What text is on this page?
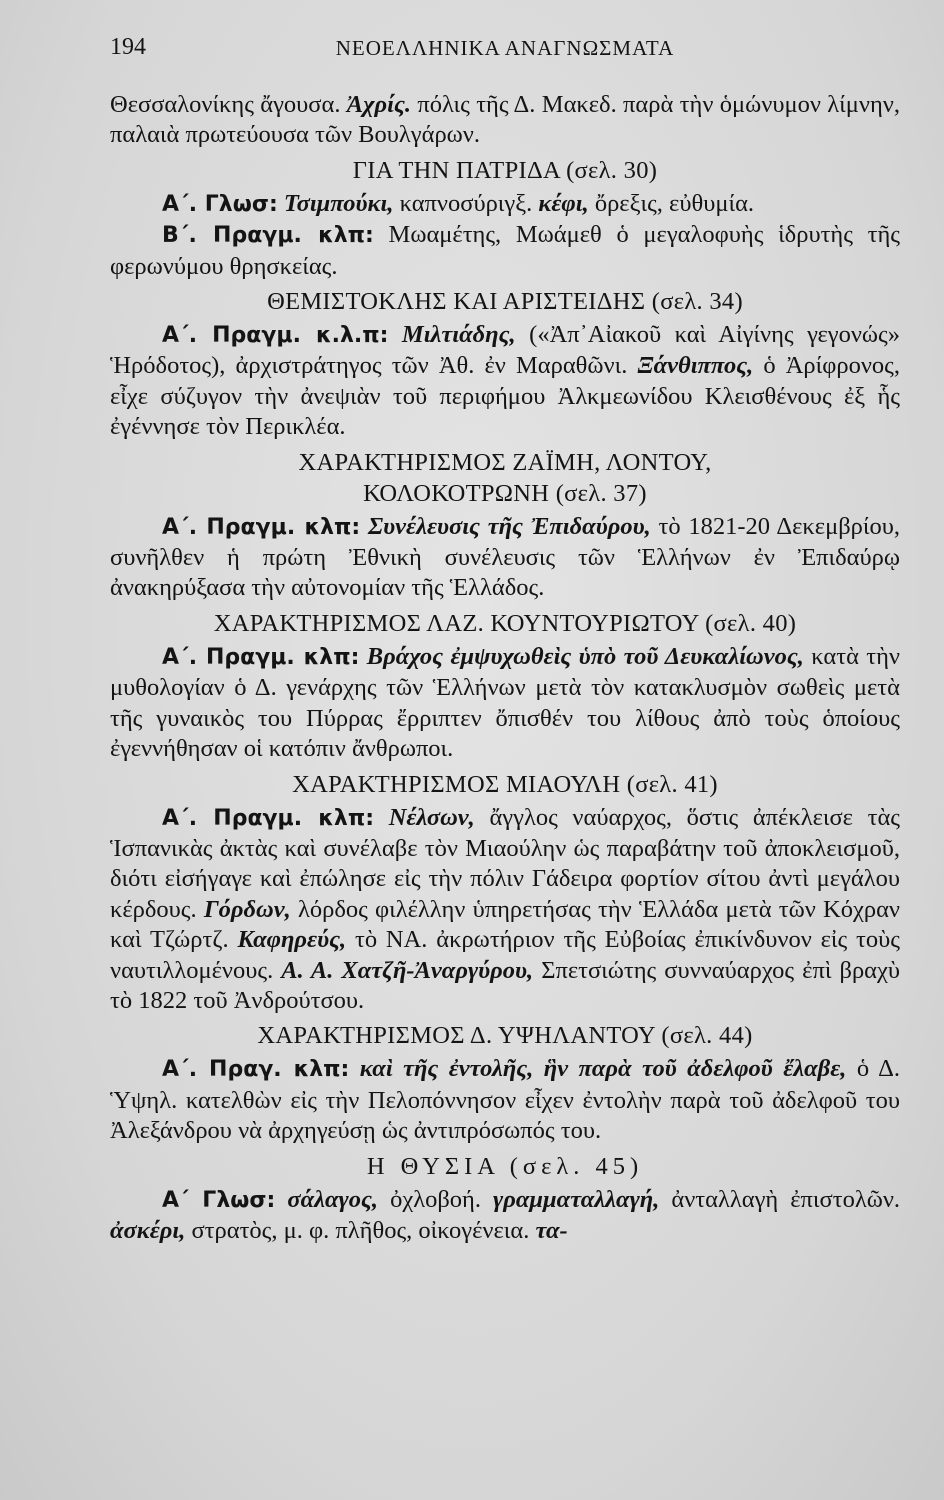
194	ΝΕΟΕΛΛΗΝΙΚΑ ΑΝΑΓΝΩΣΜΑΤΑ

Θεσσαλονίκης ἄγουσα. Ἀχρίς. πόλις τῆς Δ. Μακεδ. παρὰ τὴν ὁμώνυμον λίμνην, παλαιὰ πρωτεύουσα τῶν Βουλγάρων.

ΓΙΑ ΤΗΝ ΠΑΤΡΙΔΑ (σελ. 30)

Α΄. Γλωσ: Τσιμπούκι, καπνοσύριγξ. κέφι, ὄρεξις, εὐθυμία.

Β΄. Πραγμ. κλπ: Μωαμέτης, Μωάμεθ ὁ μεγαλοφυὴς ἱδρυτὴς τῆς φερωνύμου θρησκείας.

ΘΕΜΙΣΤΟΚΛΗΣ ΚΑΙ ΑΡΙΣΤΕΙΔΗΣ (σελ. 34)

Α΄. Πραγμ. κ.λ.π: Μιλτιάδης, («Ἀπ᾽Αἰακοῦ καὶ Αἰγίνης γεγονώς» Ἡρόδοτος), ἀρχιστράτηγος τῶν Ἀθ. ἐν Μαραθῶνι. Ξάνθιππος, ὁ Ἀρίφρονος, εἶχε σύζυγον τὴν ἀνεψιὰν τοῦ περιφήμου Ἀλκμεωνίδου Κλεισθένους ἐξ ἧς ἐγέννησε τὸν Περικλέα.

ΧΑΡΑΚΤΗΡΙΣΜΟΣ ΖΑΪΜΗ, ΛΟΝΤΟΥ,
ΚΟΛΟΚΟΤΡΩΝΗ (σελ. 37)

Α΄. Πραγμ. κλπ: Συνέλευσις τῆς Ἐπιδαύρου, τὸ 1821-20 Δεκεμβρίου, συνῆλθεν ἡ πρώτη Ἐθνικὴ συνέλευσις τῶν Ἑλλήνων ἐν Ἐπιδαύρῳ ἀνακηρύξασα τὴν αὐτονομίαν τῆς Ἑλλάδος.

ΧΑΡΑΚΤΗΡΙΣΜΟΣ ΛΑΖ. ΚΟΥΝΤΟΥΡΙΩΤΟΥ (σελ. 40)

Α΄. Πραγμ. κλπ: Βράχος ἐμψυχωθεὶς ὑπὸ τοῦ Δευκαλίωνος, κατὰ τὴν μυθολογίαν ὁ Δ. γενάρχης τῶν Ἑλλήνων μετὰ τὸν κατακλυσμὸν σωθεὶς μετὰ τῆς γυναικὸς του Πύρρας ἔρριπτεν ὄπισθέν του λίθους ἀπὸ τοὺς ὁποίους ἐγεννήθησαν οἱ κατόπιν ἄνθρωποι.

ΧΑΡΑΚΤΗΡΙΣΜΟΣ ΜΙΑΟΥΛΗ (σελ. 41)

Α΄. Πραγμ. κλπ: Νέλσων, ἄγγλος ναύαρχος, ὅστις ἀπέκλεισε τὰς Ἱσπανικὰς ἀκτὰς καὶ συνέλαβε τὸν Μιαούλην ὡς παραβάτην τοῦ ἀποκλεισμοῦ, διότι εἰσήγαγε καὶ ἐπώλησε εἰς τὴν πόλιν Γάδειρα φορτίον σίτου ἀντὶ μεγάλου κέρδους. Γόρδων, λόρδος φιλέλλην ὑπηρετήσας τὴν Ἑλλάδα μετὰ τῶν Κόχραν καὶ Τζώρτζ. Καφηρεύς, τὸ ΝΑ. ἀκρωτήριον τῆς Εὐβοίας ἐπικίνδυνον εἰς τοὺς ναυτιλλομένους. Α. Α. Χατζῆ-Ἀναργύρου, Σπετσιώτης συνναύαρχος ἐπὶ βραχὺ τὸ 1822 τοῦ Ἀνδρούτσου.

ΧΑΡΑΚΤΗΡΙΣΜΟΣ Δ. ΥΨΗΛΑΝΤΟΥ (σελ. 44)

Α΄. Πραγ. κλπ: καὶ τῆς ἐντολῆς, ἣν παρὰ τοῦ ἀδελφοῦ ἔλαβε, ὁ Δ. Ὑψηλ. κατελθὼν εἰς τὴν Πελοπόννησον εἶχεν ἐντολὴν παρὰ τοῦ ἀδελφοῦ του Ἀλεξάνδρου νὰ ἀρχηγεύσῃ ὡς ἀντιπρόσωπός του.

Η ΘΥΣΙΑ (σελ. 45)

Α΄ Γλωσ: σάλαγος, ὀχλοβοή. γραμματαλλαγή, ἀνταλλαγὴ ἐπιστολῶν. ἀσκέρι, στρατὸς, μ. φ. πλῆθος, οἰκογένεια. τα-
